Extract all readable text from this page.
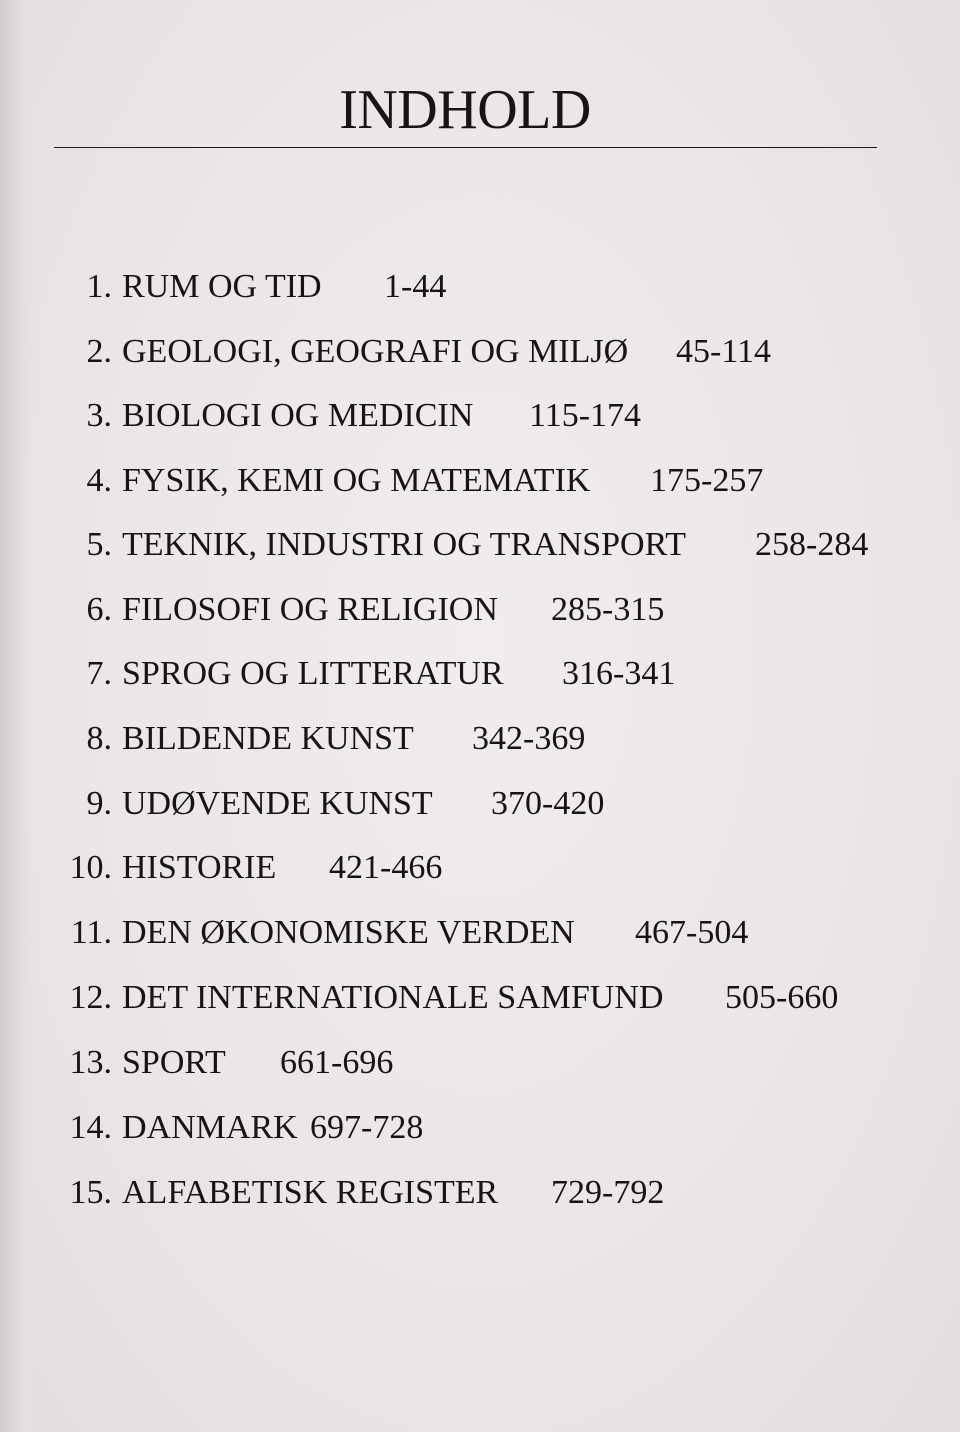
INDHOLD
1. RUM OG TID 1-44
2. GEOLOGI, GEOGRAFI OG MILJØ 45-114
3. BIOLOGI OG MEDICIN 115-174
4. FYSIK, KEMI OG MATEMATIK 175-257
5. TEKNIK, INDUSTRI OG TRANSPORT 258-284
6. FILOSOFI OG RELIGION 285-315
7. SPROG OG LITTERATUR 316-341
8. BILDENDE KUNST 342-369
9. UDØVENDE KUNST 370-420
10. HISTORIE 421-466
11. DEN ØKONOMISKE VERDEN 467-504
12. DET INTERNATIONALE SAMFUND 505-660
13. SPORT 661-696
14. DANMARK 697-728
15. ALFABETISK REGISTER 729-792
